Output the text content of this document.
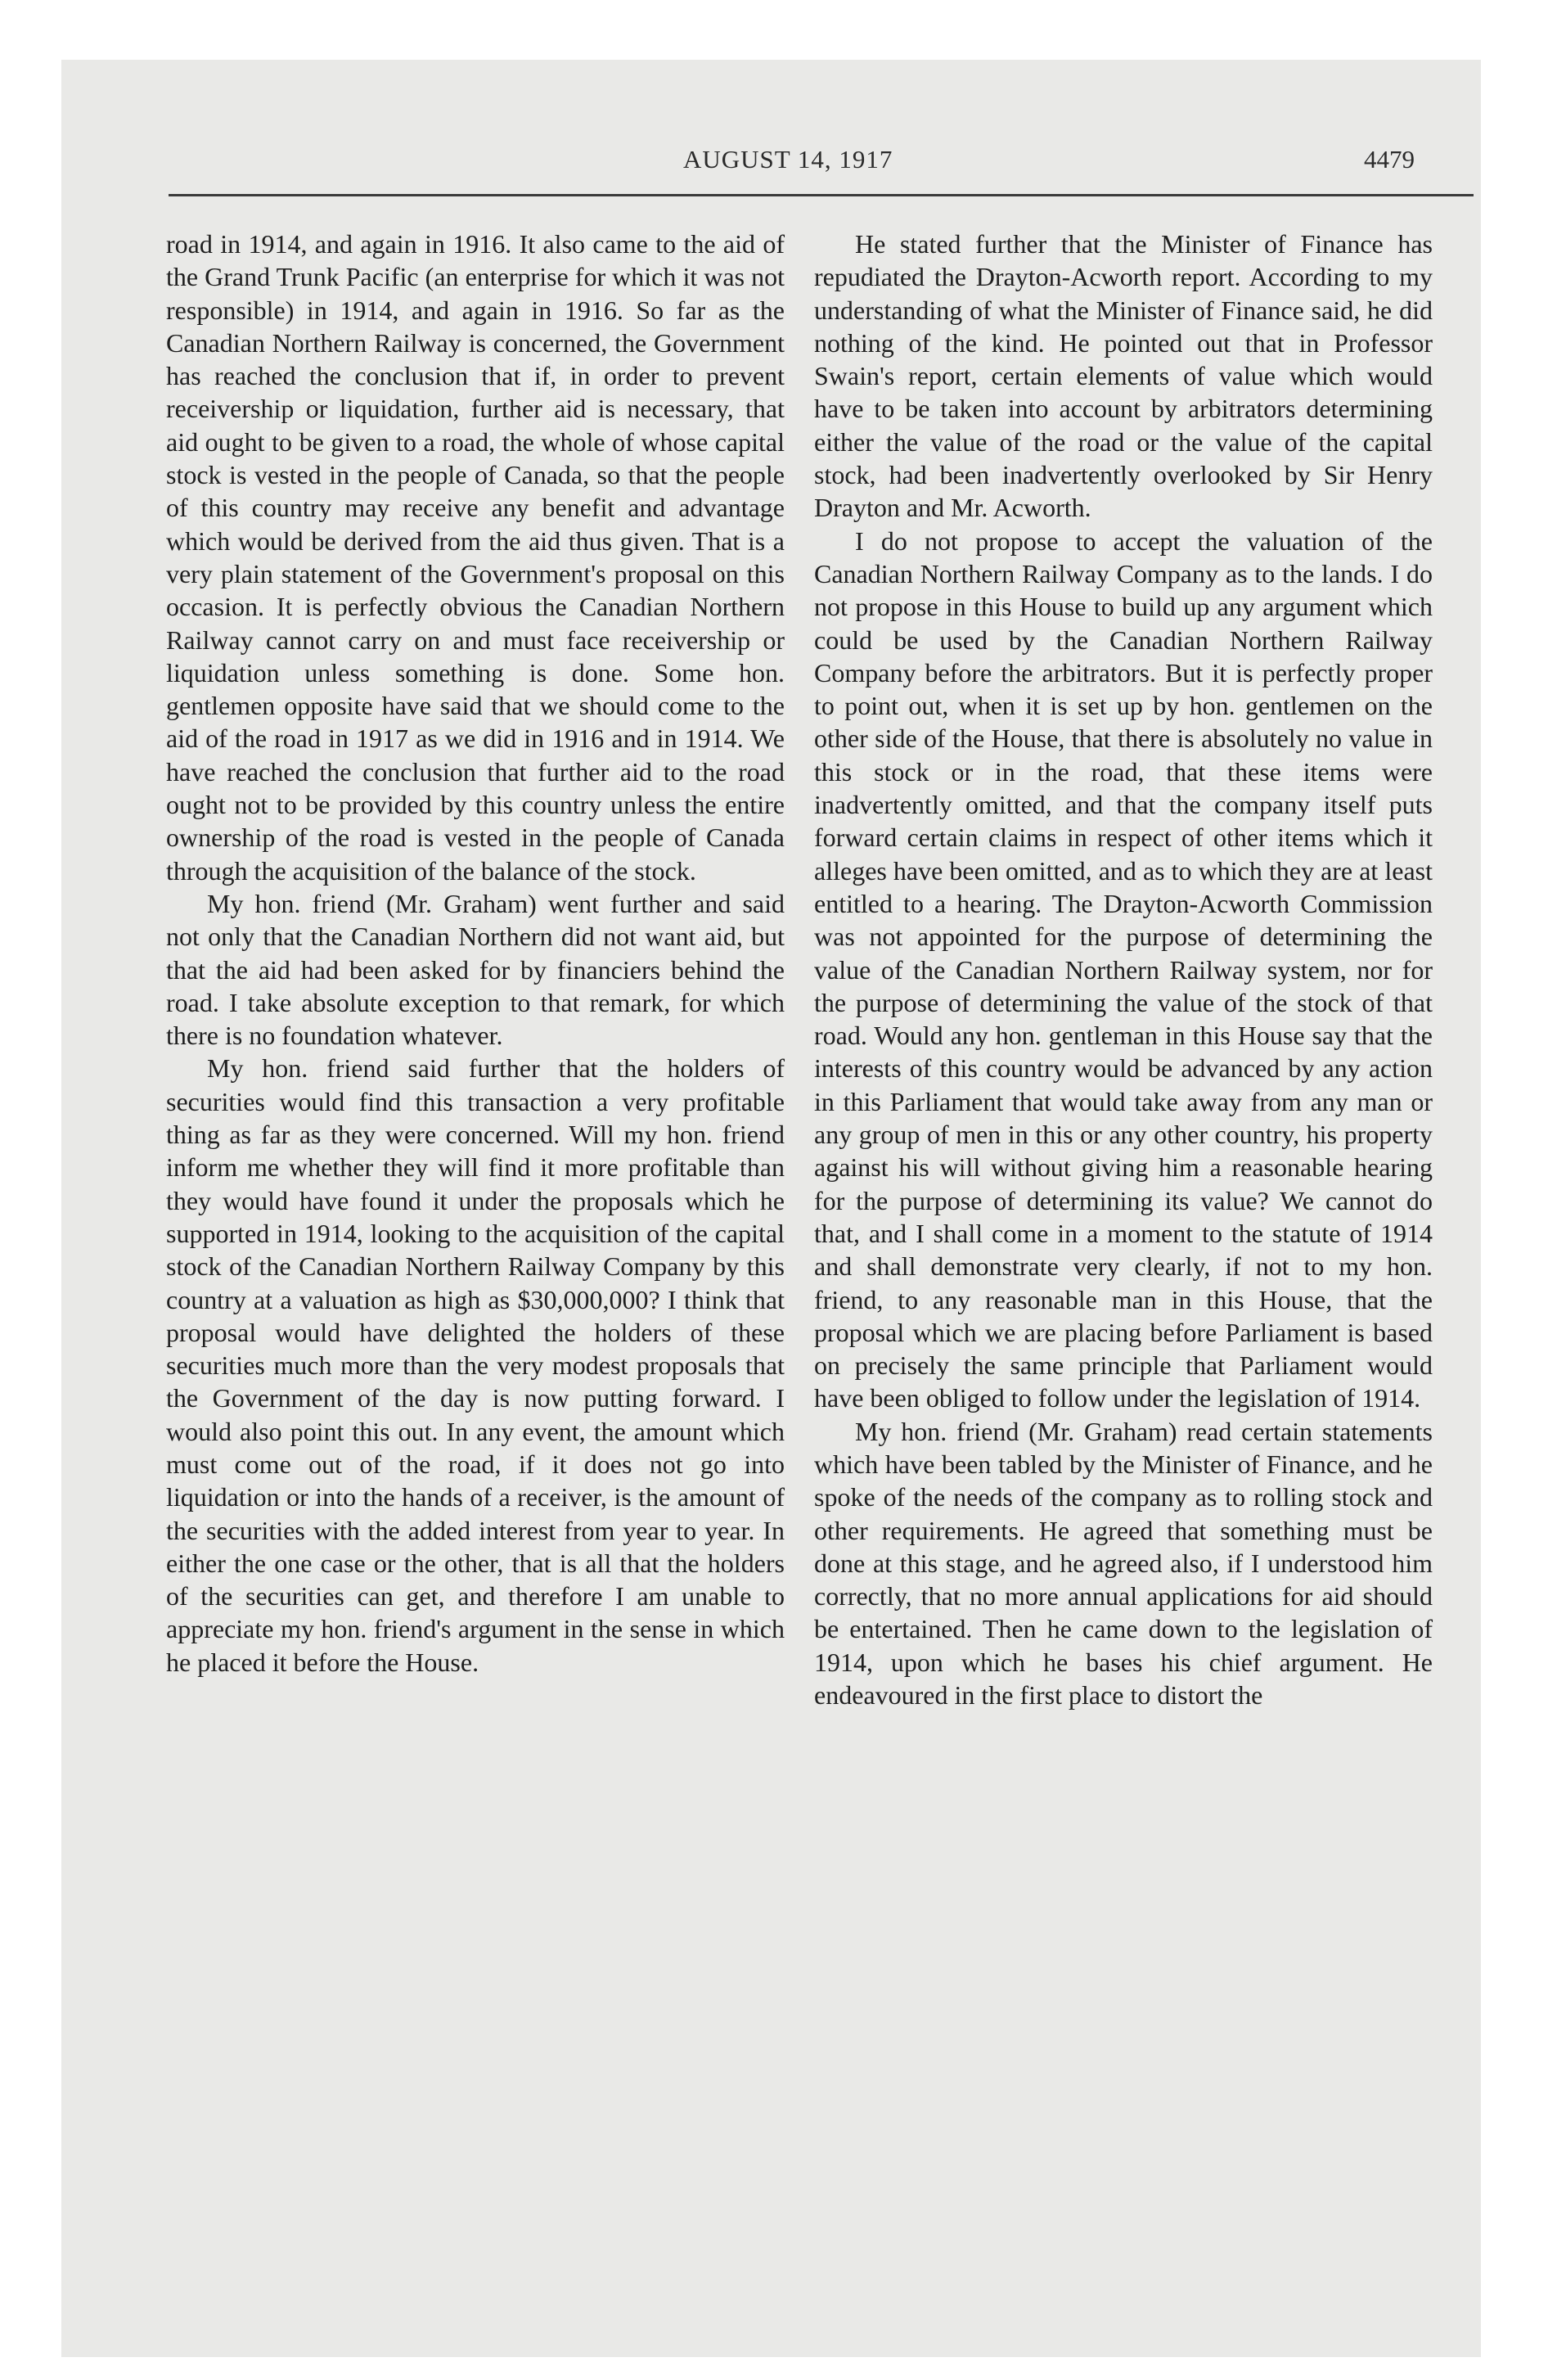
AUGUST 14, 1917	4479

road in 1914, and again in 1916. It also came to the aid of the Grand Trunk Pacific (an enterprise for which it was not responsible) in 1914, and again in 1916. So far as the Canadian Northern Railway is concerned, the Government has reached the conclusion that if, in order to prevent receivership or liquidation, further aid is necessary, that aid ought to be given to a road, the whole of whose capital stock is vested in the people of Canada, so that the people of this country may receive any benefit and advantage which would be derived from the aid thus given. That is a very plain statement of the Government's proposal on this occasion. It is perfectly obvious the Canadian Northern Railway cannot carry on and must face receivership or liquidation unless something is done. Some hon. gentlemen opposite have said that we should come to the aid of the road in 1917 as we did in 1916 and in 1914. We have reached the conclusion that further aid to the road ought not to be provided by this country unless the entire ownership of the road is vested in the people of Canada through the acquisition of the balance of the stock.

My hon. friend (Mr. Graham) went further and said not only that the Canadian Northern did not want aid, but that the aid had been asked for by financiers behind the road. I take absolute exception to that remark, for which there is no foundation whatever.

My hon. friend said further that the holders of securities would find this transaction a very profitable thing as far as they were concerned. Will my hon. friend inform me whether they will find it more profitable than they would have found it under the proposals which he supported in 1914, looking to the acquisition of the capital stock of the Canadian Northern Railway Company by this country at a valuation as high as $30,000,000? I think that proposal would have delighted the holders of these securities much more than the very modest proposals that the Government of the day is now putting forward. I would also point this out. In any event, the amount which must come out of the road, if it does not go into liquidation or into the hands of a receiver, is the amount of the securities with the added interest from year to year. In either the one case or the other, that is all that the holders of the securities can get, and therefore I am unable to appreciate my hon. friend's argument in the sense in which he placed it before the House.

He stated further that the Minister of Finance has repudiated the Drayton-Acworth report. According to my understanding of what the Minister of Finance said, he did nothing of the kind. He pointed out that in Professor Swain's report, certain elements of value which would have to be taken into account by arbitrators determining either the value of the road or the value of the capital stock, had been inadvertently overlooked by Sir Henry Drayton and Mr. Acworth.

I do not propose to accept the valuation of the Canadian Northern Railway Company as to the lands. I do not propose in this House to build up any argument which could be used by the Canadian Northern Railway Company before the arbitrators. But it is perfectly proper to point out, when it is set up by hon. gentlemen on the other side of the House, that there is absolutely no value in this stock or in the road, that these items were inadvertently omitted, and that the company itself puts forward certain claims in respect of other items which it alleges have been omitted, and as to which they are at least entitled to a hearing. The Drayton-Acworth Commission was not appointed for the purpose of determining the value of the Canadian Northern Railway system, nor for the purpose of determining the value of the stock of that road. Would any hon. gentleman in this House say that the interests of this country would be advanced by any action in this Parliament that would take away from any man or any group of men in this or any other country, his property against his will without giving him a reasonable hearing for the purpose of determining its value? We cannot do that, and I shall come in a moment to the statute of 1914 and shall demonstrate very clearly, if not to my hon. friend, to any reasonable man in this House, that the proposal which we are placing before Parliament is based on precisely the same principle that Parliament would have been obliged to follow under the legislation of 1914.

My hon. friend (Mr. Graham) read certain statements which have been tabled by the Minister of Finance, and he spoke of the needs of the company as to rolling stock and other requirements. He agreed that something must be done at this stage, and he agreed also, if I understood him correctly, that no more annual applications for aid should be entertained. Then he came down to the legislation of 1914, upon which he bases his chief argument. He endeavoured in the first place to distort the
